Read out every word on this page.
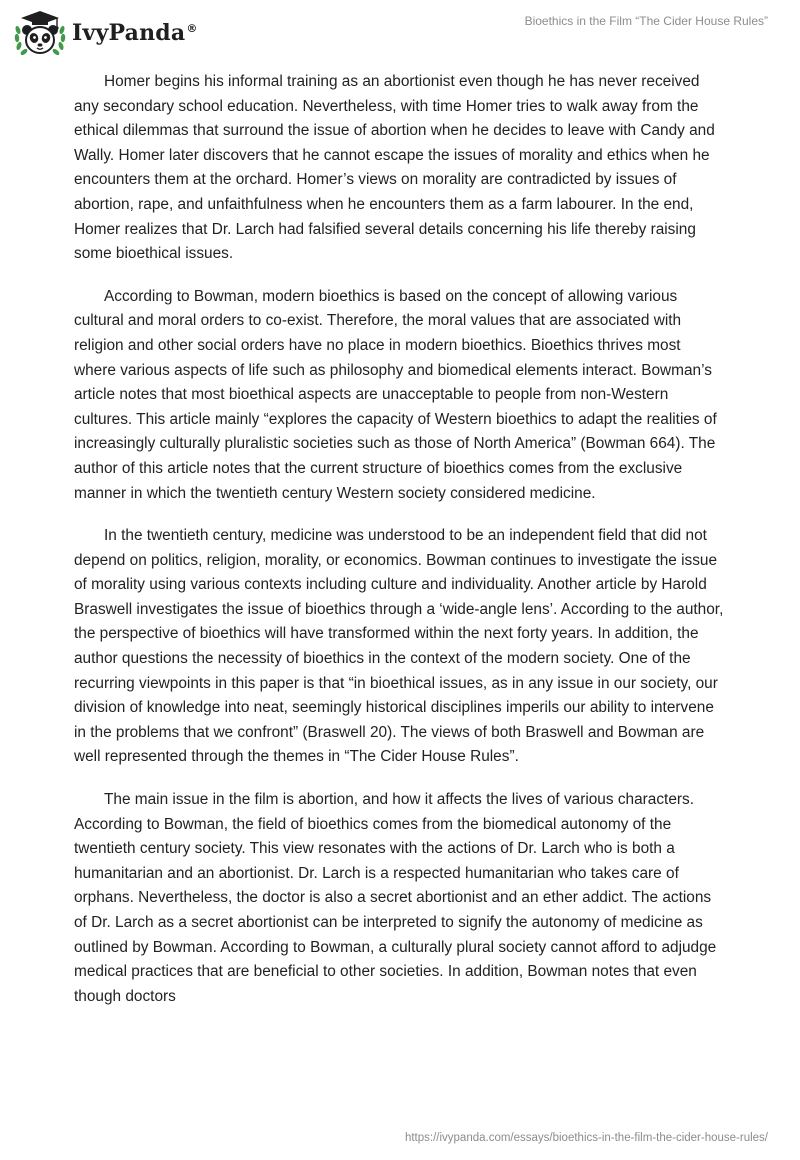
IvyPanda®
Bioethics in the Film “The Cider House Rules”

Homer begins his informal training as an abortionist even though he has never received any secondary school education. Nevertheless, with time Homer tries to walk away from the ethical dilemmas that surround the issue of abortion when he decides to leave with Candy and Wally. Homer later discovers that he cannot escape the issues of morality and ethics when he encounters them at the orchard. Homer’s views on morality are contradicted by issues of abortion, rape, and unfaithfulness when he encounters them as a farm labourer. In the end, Homer realizes that Dr. Larch had falsified several details concerning his life thereby raising some bioethical issues.

According to Bowman, modern bioethics is based on the concept of allowing various cultural and moral orders to co-exist. Therefore, the moral values that are associated with religion and other social orders have no place in modern bioethics. Bioethics thrives most where various aspects of life such as philosophy and biomedical elements interact. Bowman’s article notes that most bioethical aspects are unacceptable to people from non-Western cultures. This article mainly “explores the capacity of Western bioethics to adapt the realities of increasingly culturally pluralistic societies such as those of North America” (Bowman 664). The author of this article notes that the current structure of bioethics comes from the exclusive manner in which the twentieth century Western society considered medicine.

In the twentieth century, medicine was understood to be an independent field that did not depend on politics, religion, morality, or economics. Bowman continues to investigate the issue of morality using various contexts including culture and individuality. Another article by Harold Braswell investigates the issue of bioethics through a ‘wide-angle lens’. According to the author, the perspective of bioethics will have transformed within the next forty years. In addition, the author questions the necessity of bioethics in the context of the modern society. One of the recurring viewpoints in this paper is that “in bioethical issues, as in any issue in our society, our division of knowledge into neat, seemingly historical disciplines imperils our ability to intervene in the problems that we confront” (Braswell 20). The views of both Braswell and Bowman are well represented through the themes in “The Cider House Rules”.

The main issue in the film is abortion, and how it affects the lives of various characters. According to Bowman, the field of bioethics comes from the biomedical autonomy of the twentieth century society. This view resonates with the actions of Dr. Larch who is both a humanitarian and an abortionist. Dr. Larch is a respected humanitarian who takes care of orphans. Nevertheless, the doctor is also a secret abortionist and an ether addict. The actions of Dr. Larch as a secret abortionist can be interpreted to signify the autonomy of medicine as outlined by Bowman. According to Bowman, a culturally plural society cannot afford to adjudge medical practices that are beneficial to other societies. In addition, Bowman notes that even though doctors

https://ivypanda.com/essays/bioethics-in-the-film-the-cider-house-rules/
